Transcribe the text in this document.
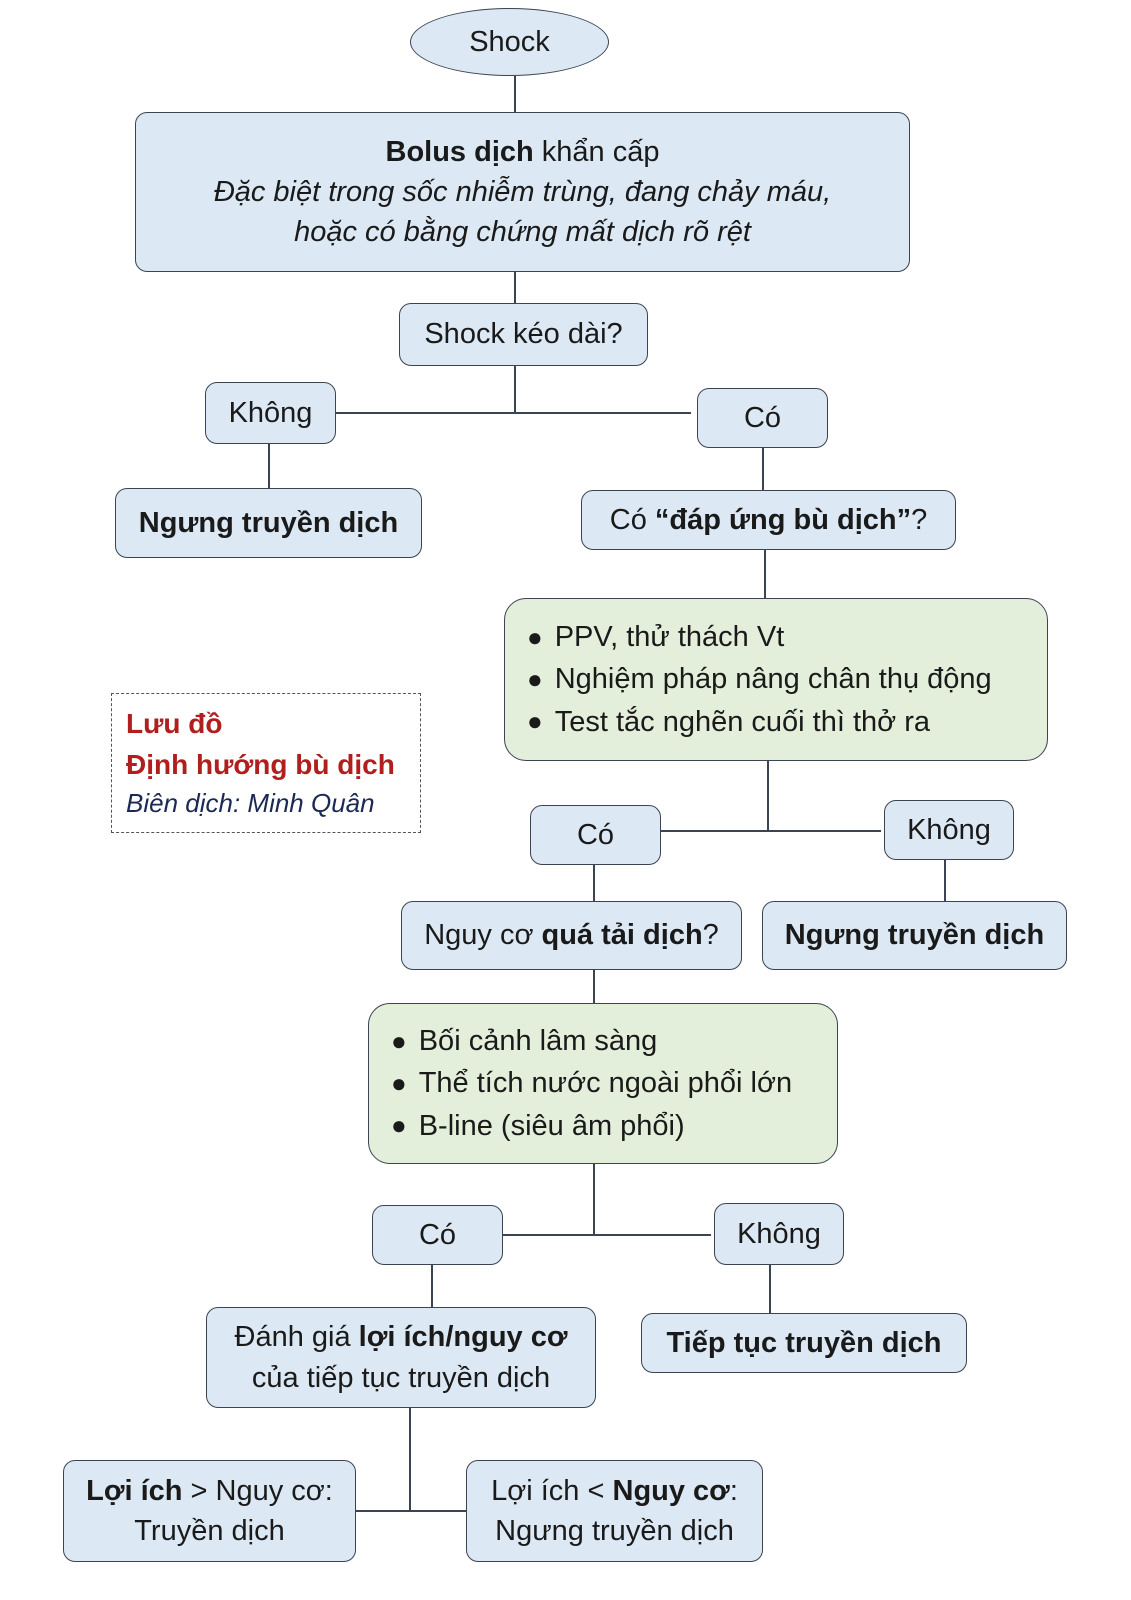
Shock
Bolus dịch khẩn cấp
Đặc biệt trong sốc nhiễm trùng, đang chảy máu,
hoặc có bằng chứng mất dịch rõ rệt
Shock kéo dài?
Không	Có
Ngưng truyền dịch	Có “đáp ứng bù dịch”?
● PPV, thử thách Vt
● Nghiệm pháp nâng chân thụ động
● Test tắc nghẽn cuối thì thở ra
Có	Không
Nguy cơ quá tải dịch? Ngưng truyền dịch
● Bối cảnh lâm sàng
● Thể tích nước ngoài phổi lớn
● B-line (siêu âm phổi)
Có	Không
Đánh giá lợi ích/nguy cơ
của tiếp tục truyền dịch
Tiếp tục truyền dịch
Lợi ích > Nguy cơ:
Truyền dịch
Lợi ích < Nguy cơ:
Ngưng truyền dịch
Lưu đồ
Định hướng bù dịch
Biên dịch: Minh Quân
